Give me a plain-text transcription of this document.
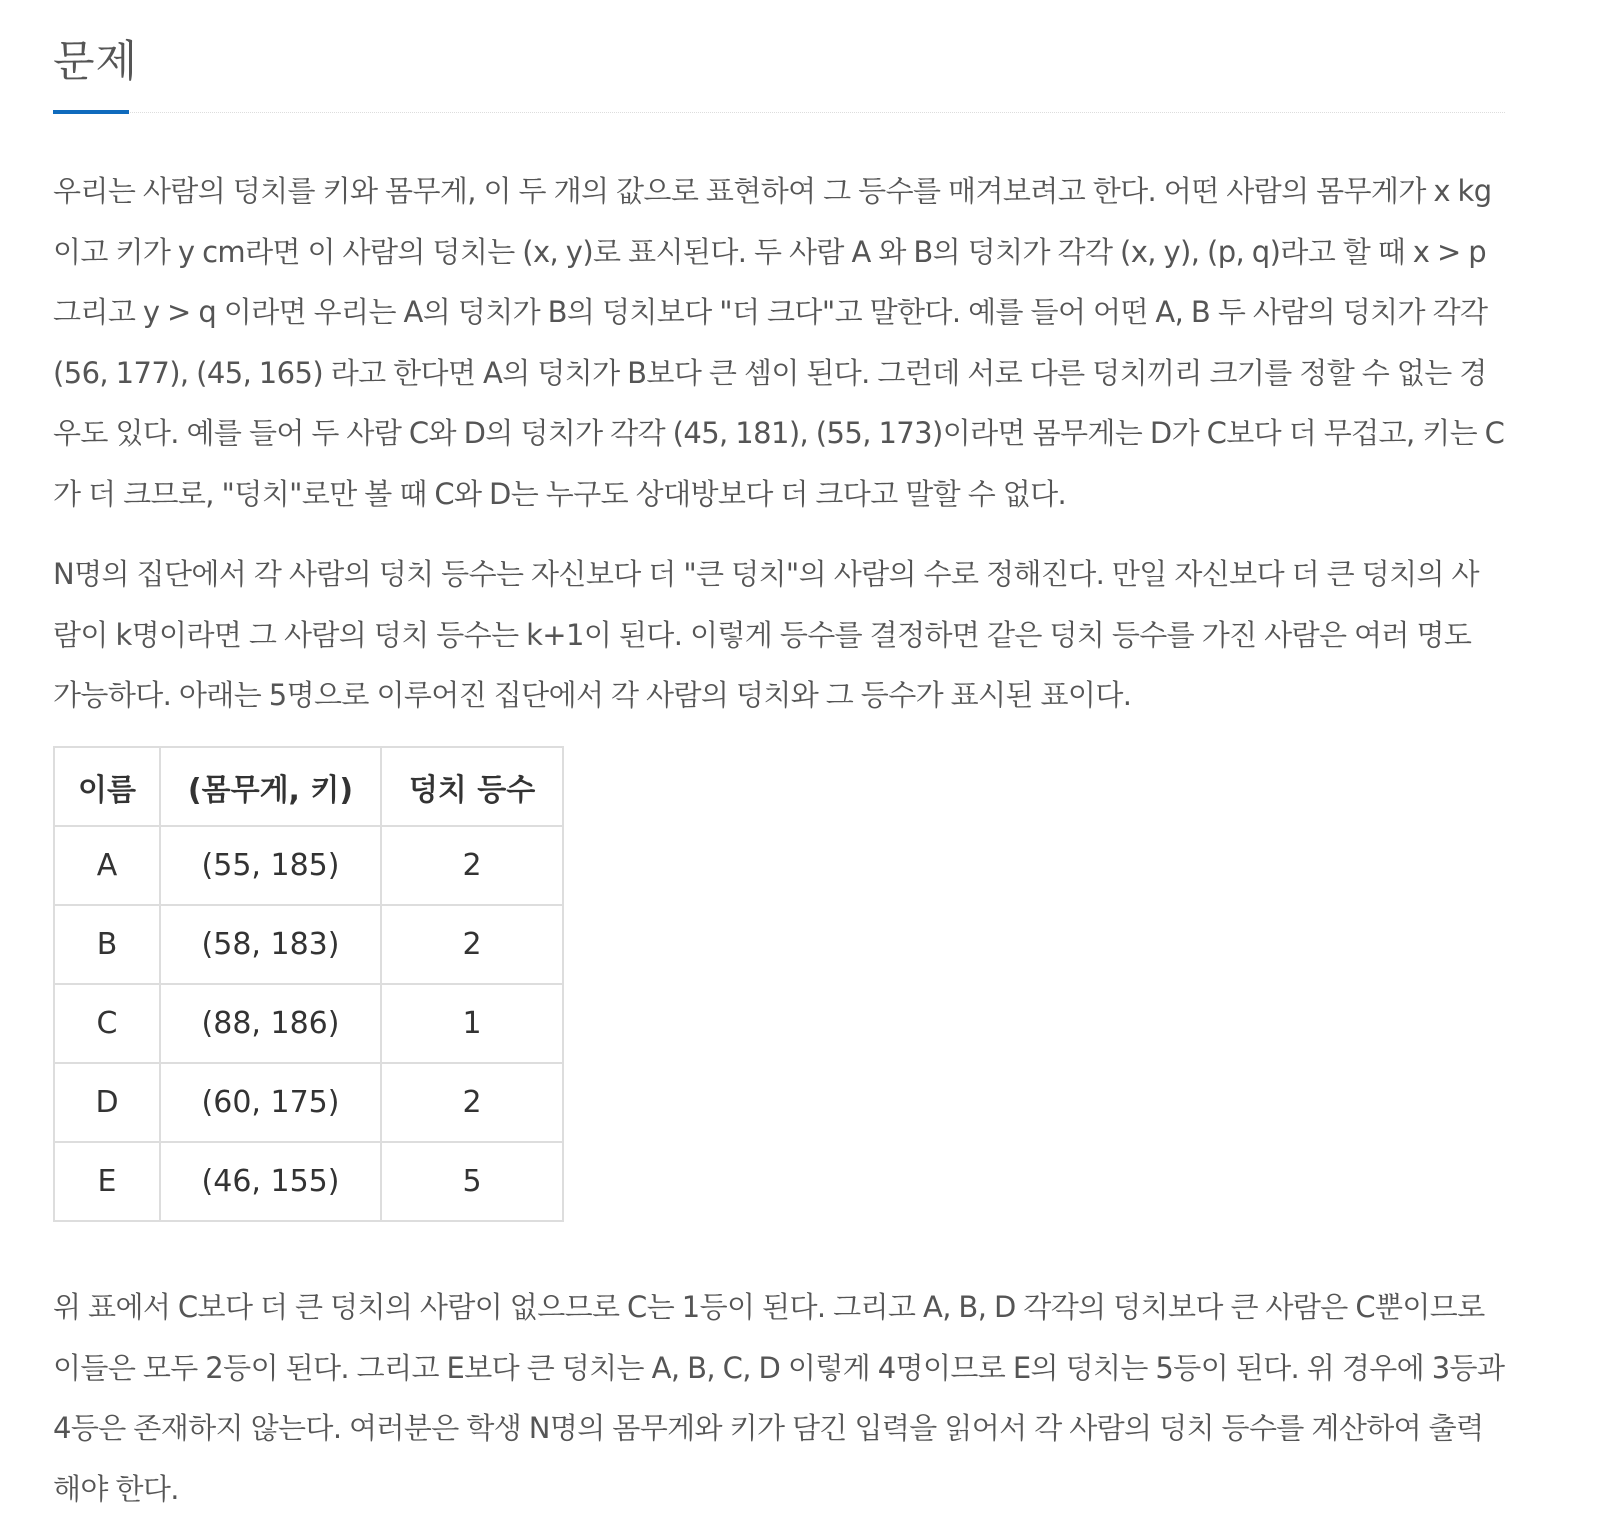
문제

우리는 사람의 덩치를 키와 몸무게, 이 두 개의 값으로 표현하여 그 등수를 매겨보려고 한다. 어떤 사람의 몸무게가 x kg이고 키가 y cm라면 이 사람의 덩치는 (x, y)로 표시된다. 두 사람 A 와 B의 덩치가 각각 (x, y), (p, q)라고 할 때 x > p 그리고 y > q 이라면 우리는 A의 덩치가 B의 덩치보다 "더 크다"고 말한다. 예를 들어 어떤 A, B 두 사람의 덩치가 각각 (56, 177), (45, 165) 라고 한다면 A의 덩치가 B보다 큰 셈이 된다. 그런데 서로 다른 덩치끼리 크기를 정할 수 없는 경우도 있다. 예를 들어 두 사람 C와 D의 덩치가 각각 (45, 181), (55, 173)이라면 몸무게는 D가 C보다 더 무겁고, 키는 C가 더 크므로, "덩치"로만 볼 때 C와 D는 누구도 상대방보다 더 크다고 말할 수 없다.

N명의 집단에서 각 사람의 덩치 등수는 자신보다 더 "큰 덩치"의 사람의 수로 정해진다. 만일 자신보다 더 큰 덩치의 사람이 k명이라면 그 사람의 덩치 등수는 k+1이 된다. 이렇게 등수를 결정하면 같은 덩치 등수를 가진 사람은 여러 명도 가능하다. 아래는 5명으로 이루어진 집단에서 각 사람의 덩치와 그 등수가 표시된 표이다.

이름	(몸무게, 키)	덩치 등수
A	(55, 185)	2
B	(58, 183)	2
C	(88, 186)	1
D	(60, 175)	2
E	(46, 155)	5

위 표에서 C보다 더 큰 덩치의 사람이 없으므로 C는 1등이 된다. 그리고 A, B, D 각각의 덩치보다 큰 사람은 C뿐이므로 이들은 모두 2등이 된다. 그리고 E보다 큰 덩치는 A, B, C, D 이렇게 4명이므로 E의 덩치는 5등이 된다. 위 경우에 3등과 4등은 존재하지 않는다. 여러분은 학생 N명의 몸무게와 키가 담긴 입력을 읽어서 각 사람의 덩치 등수를 계산하여 출력해야 한다.
